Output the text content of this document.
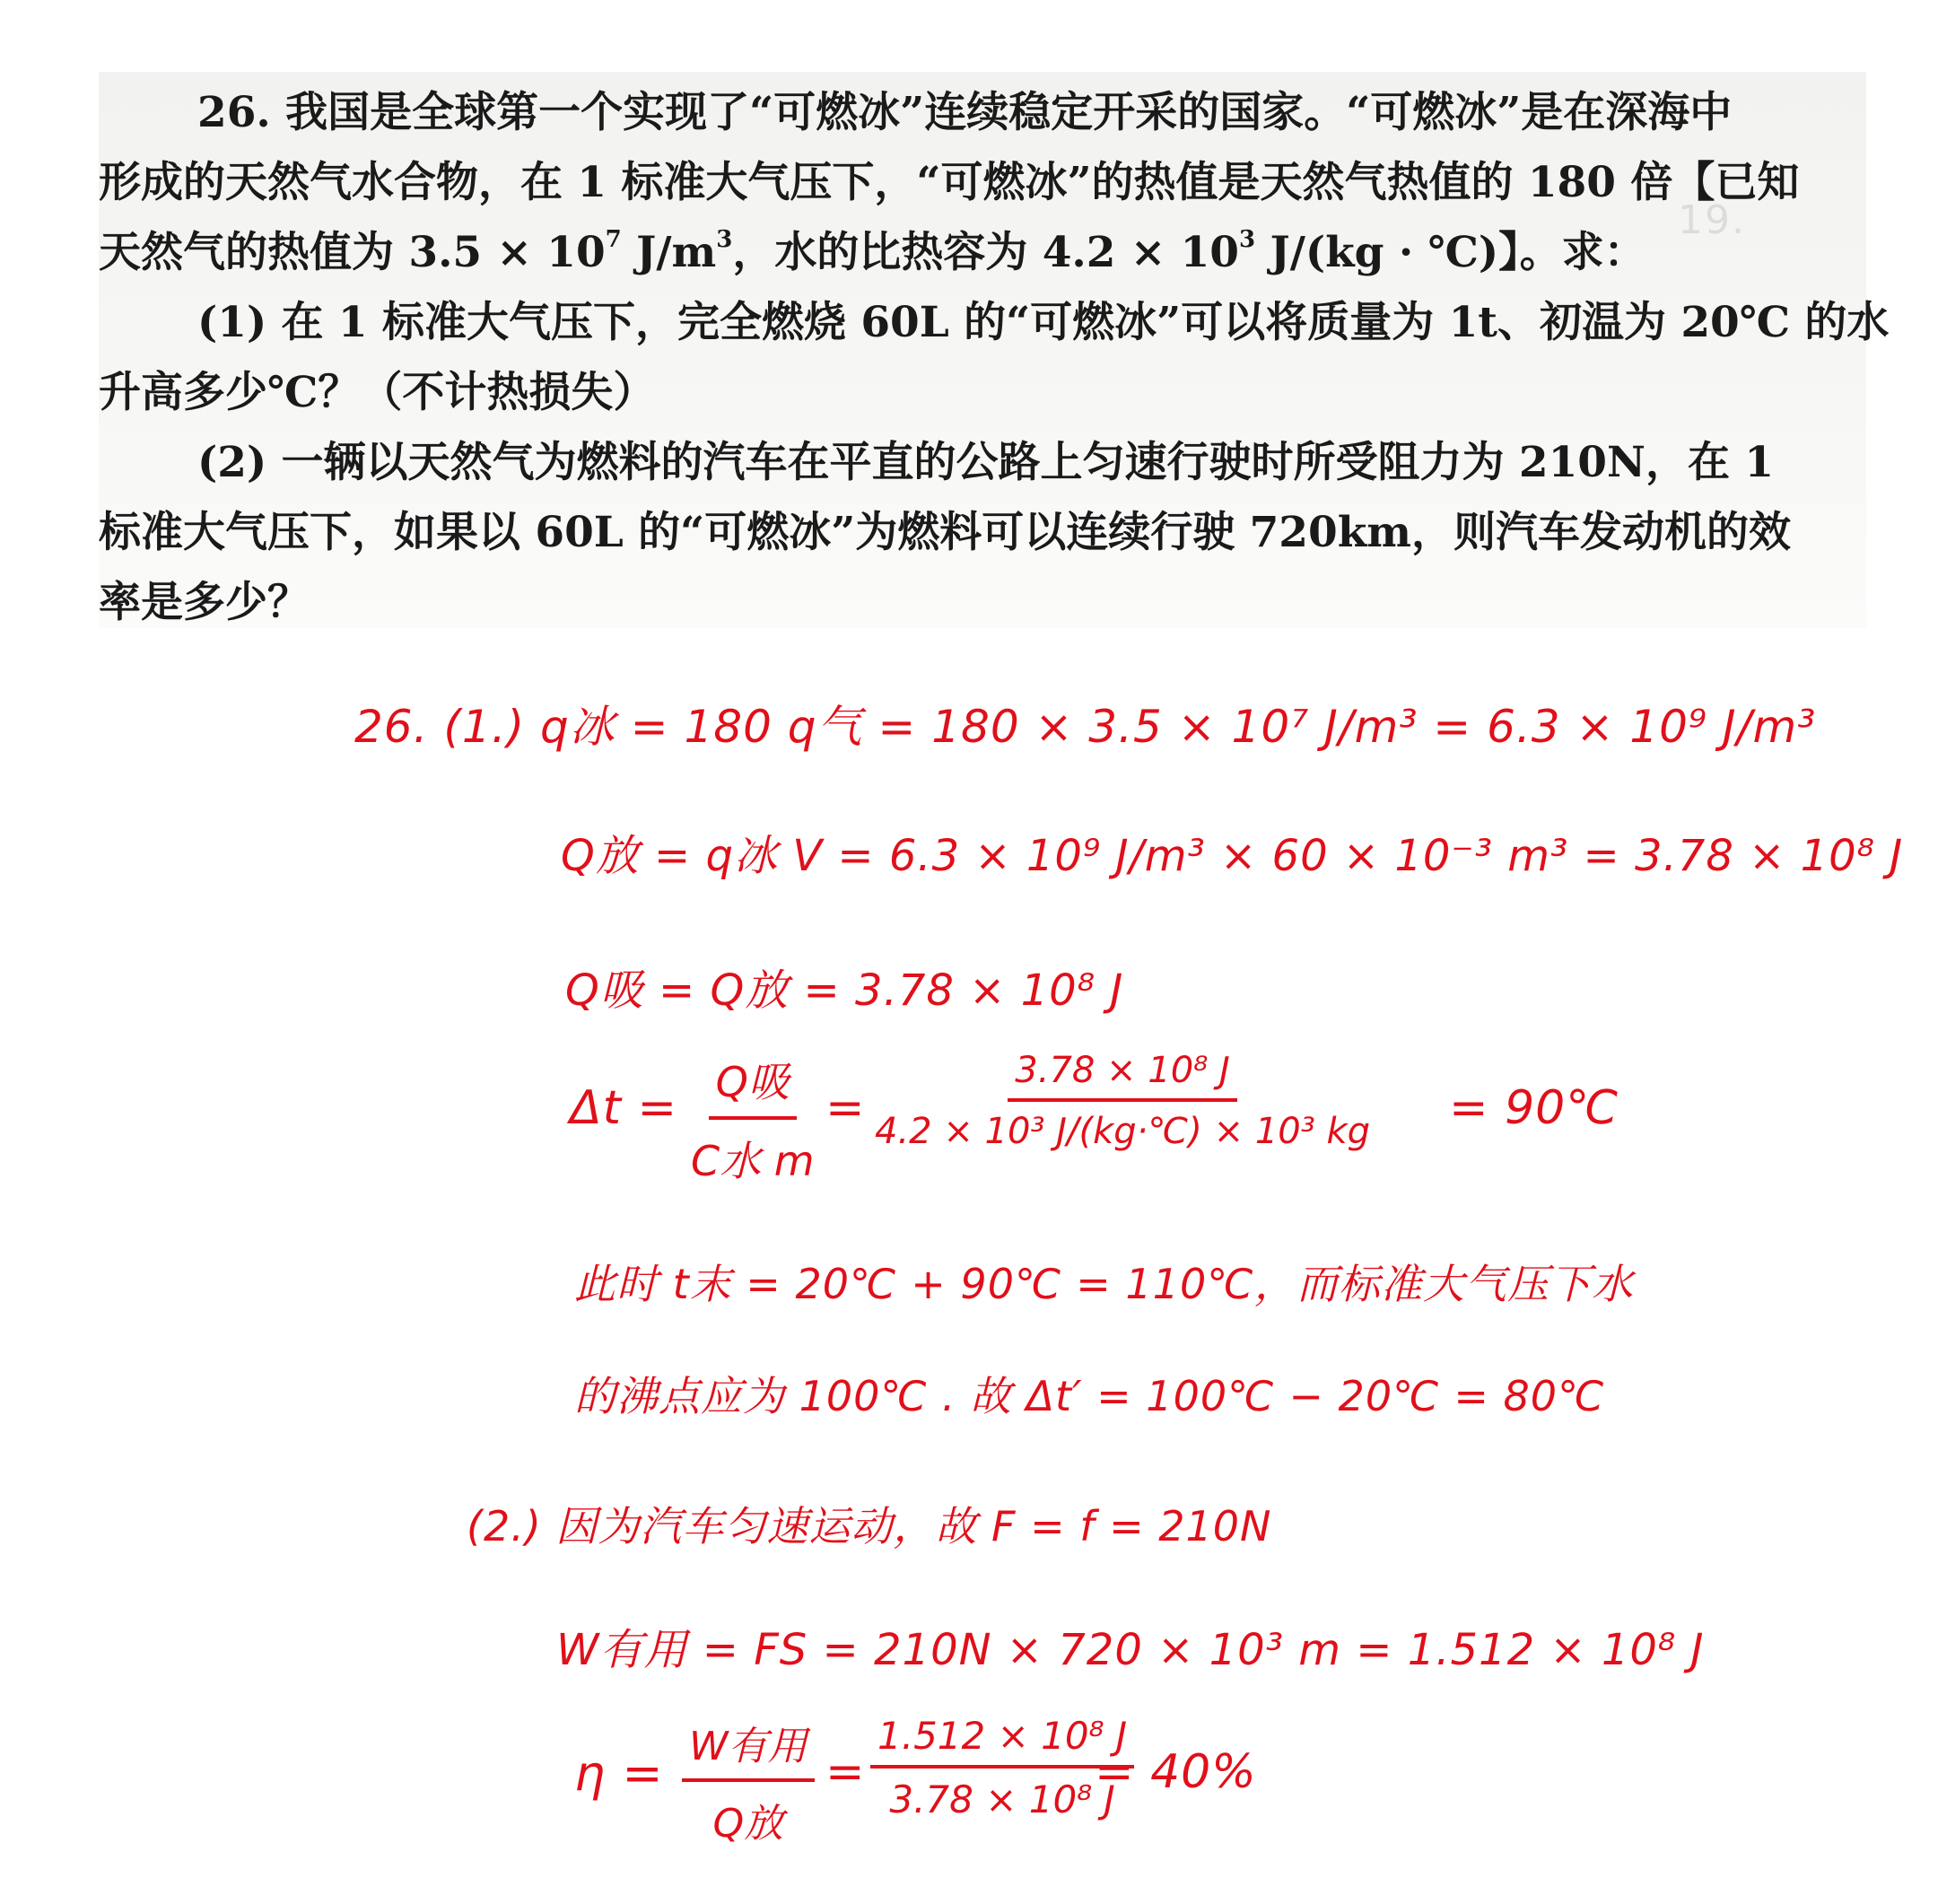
19.
26. 我国是全球第一个实现了“可燃冰”连续稳定开采的国家。“可燃冰”是在深海中
形成的天然气水合物，在 1 标准大气压下，“可燃冰”的热值是天然气热值的 180 倍【已知
天然气的热值为 $3.5 \times 10^7$ $J/m^3$，水的比热容为 $4.2 \times 10^3$ J/(kg · ℃)】。求：
(1) 在 1 标准大气压下，完全燃烧 60L 的“可燃冰”可以将质量为 1t、初温为 20℃ 的水
升高多少℃？（不计热损失）
(2) 一辆以天然气为燃料的汽车在平直的公路上匀速行驶时所受阻力为 210N，在 1
标准大气压下，如果以 60L 的“可燃冰”为燃料可以连续行驶 720km，则汽车发动机的效
率是多少？
26. (1.) q冰 = 180 q气 = 180 × 3.5 × 10⁷ J/m³ = 6.3 × 10⁹ J/m³
Q放 = q冰 V = 6.3 × 10⁹ J/m³ × 60 × 10⁻³ m³ = 3.78 × 10⁸ J
Q吸 = Q放 = 3.78 × 10⁸ J
Δt = Q吸
C水 m
= $\frac{\text{3.78 × 10⁸ J}}{\text{4.2 × 10³ J/(kg·℃) × 10³ kg}}$ = 90℃
此时 t末 = 20℃ + 90℃ = 110℃，而标准大气压下水
的沸点应为 100℃ . 故 Δt′ = 100℃ − 20℃ = 80℃
(2.) 因为汽车匀速运动，故 F = f = 210N
W有用 = FS = 210N × 720 × 10³ m = 1.512 × 10⁸ J
η = W有用
Q放
= $\frac{\text{1.512 × 10⁸ J}}{\text{3.78 × 10⁸ J}}$
= 40%
